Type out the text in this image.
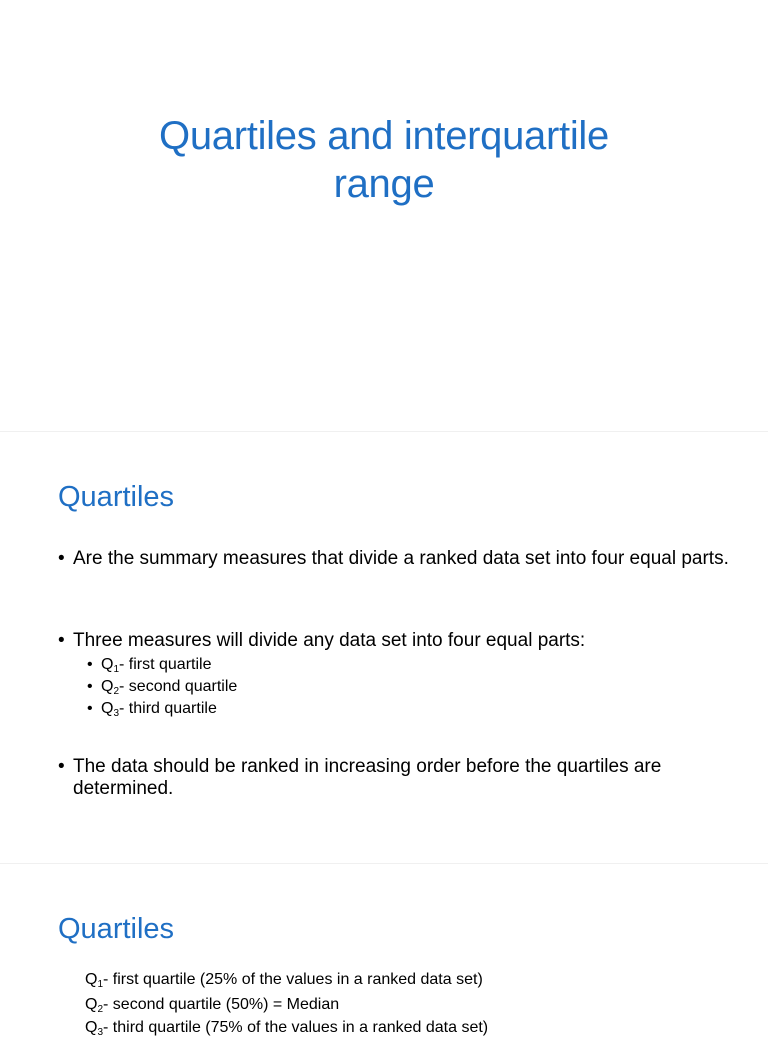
Quartiles and interquartile
range
Quartiles

• Are the summary measures that divide a ranked data set into four equal parts.

• Three measures will divide any data set into four equal parts:

• $Q_1-$ first quartile

• $Q_2-$ second quartile

• $Q_3-$ third quartile

• The data should be ranked in increasing order before the quartiles are determined.

Quartiles

$Q_1-$ first quartile (25% of the values in a ranked data set)

$Q_2-$ second quartile (50%) = Median

$Q_3-$ third quartile (75% of the values in a ranked data set)
